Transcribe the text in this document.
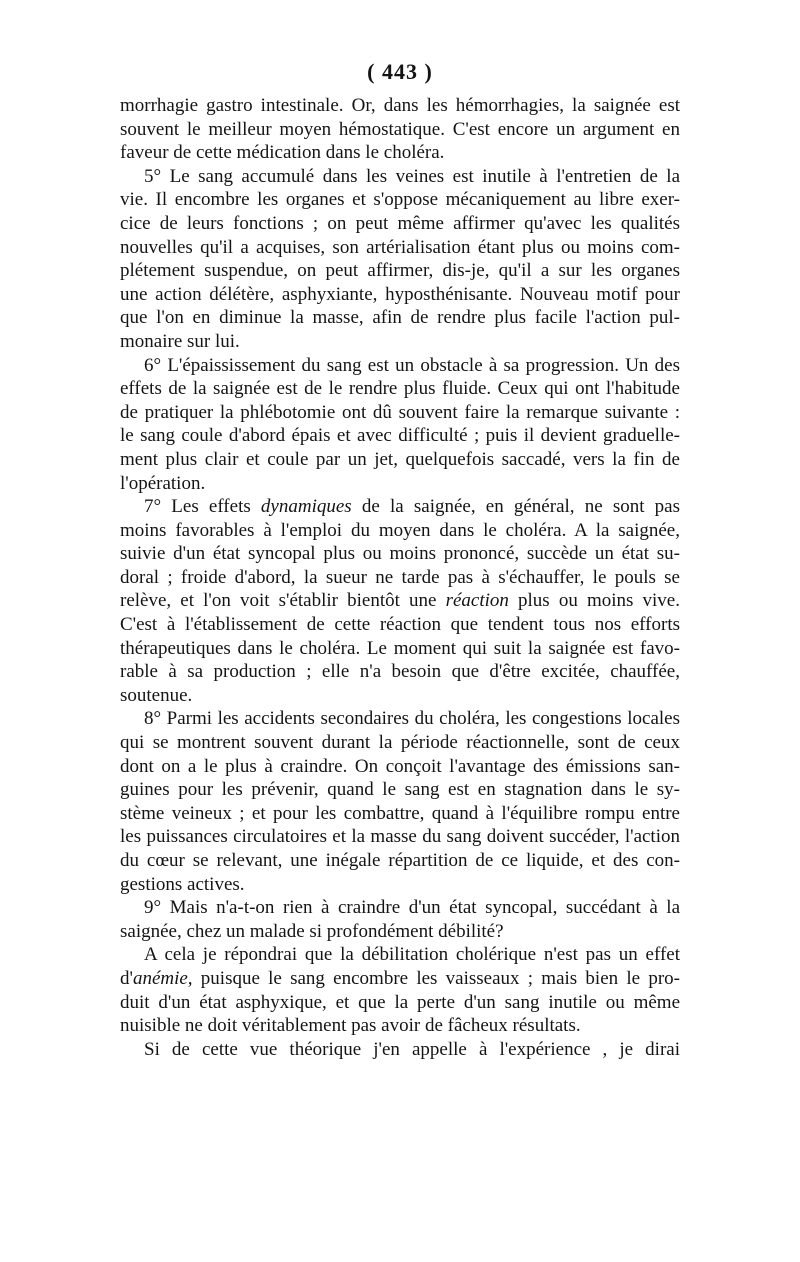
( 443 )
morrhagie gastro intestinale. Or, dans les hémorrhagies, la saignée est
souvent le meilleur moyen hémostatique. C'est encore un argument en
faveur de cette médication dans le choléra.
5° Le sang accumulé dans les veines est inutile à l'entretien de la
vie. Il encombre les organes et s'oppose mécaniquement au libre exer-
cice de leurs fonctions ; on peut même affirmer qu'avec les qualités
nouvelles qu'il a acquises, son artérialisation étant plus ou moins com-
plétement suspendue, on peut affirmer, dis-je, qu'il a sur les organes
une action délétère, asphyxiante, hyposthénisante. Nouveau motif pour
que l'on en diminue la masse, afin de rendre plus facile l'action pul-
monaire sur lui.
6° L'épaississement du sang est un obstacle à sa progression. Un des
effets de la saignée est de le rendre plus fluide. Ceux qui ont l'habitude
de pratiquer la phlébotomie ont dû souvent faire la remarque suivante :
le sang coule d'abord épais et avec difficulté ; puis il devient graduelle-
ment plus clair et coule par un jet, quelquefois saccadé, vers la fin de
l'opération.
7° Les effets dynamiques de la saignée, en général, ne sont pas
moins favorables à l'emploi du moyen dans le choléra. A la saignée,
suivie d'un état syncopal plus ou moins prononcé, succède un état su-
doral ; froide d'abord, la sueur ne tarde pas à s'échauffer, le pouls se
relève, et l'on voit s'établir bientôt une réaction plus ou moins vive.
C'est à l'établissement de cette réaction que tendent tous nos efforts
thérapeutiques dans le choléra. Le moment qui suit la saignée est favo-
rable à sa production ; elle n'a besoin que d'être excitée, chauffée,
soutenue.
8° Parmi les accidents secondaires du choléra, les congestions locales
qui se montrent souvent durant la période réactionnelle, sont de ceux
dont on a le plus à craindre. On conçoit l'avantage des émissions san-
guines pour les prévenir, quand le sang est en stagnation dans le sy-
stème veineux ; et pour les combattre, quand à l'équilibre rompu entre
les puissances circulatoires et la masse du sang doivent succéder, l'action
du cœur se relevant, une inégale répartition de ce liquide, et des con-
gestions actives.
9° Mais n'a-t-on rien à craindre d'un état syncopal, succédant à la
saignée, chez un malade si profondément débilité?
A cela je répondrai que la débilitation cholérique n'est pas un effet
d'anémie, puisque le sang encombre les vaisseaux ; mais bien le pro-
duit d'un état asphyxique, et que la perte d'un sang inutile ou même
nuisible ne doit véritablement pas avoir de fâcheux résultats.
Si de cette vue théorique j'en appelle à l'expérience , je dirai
